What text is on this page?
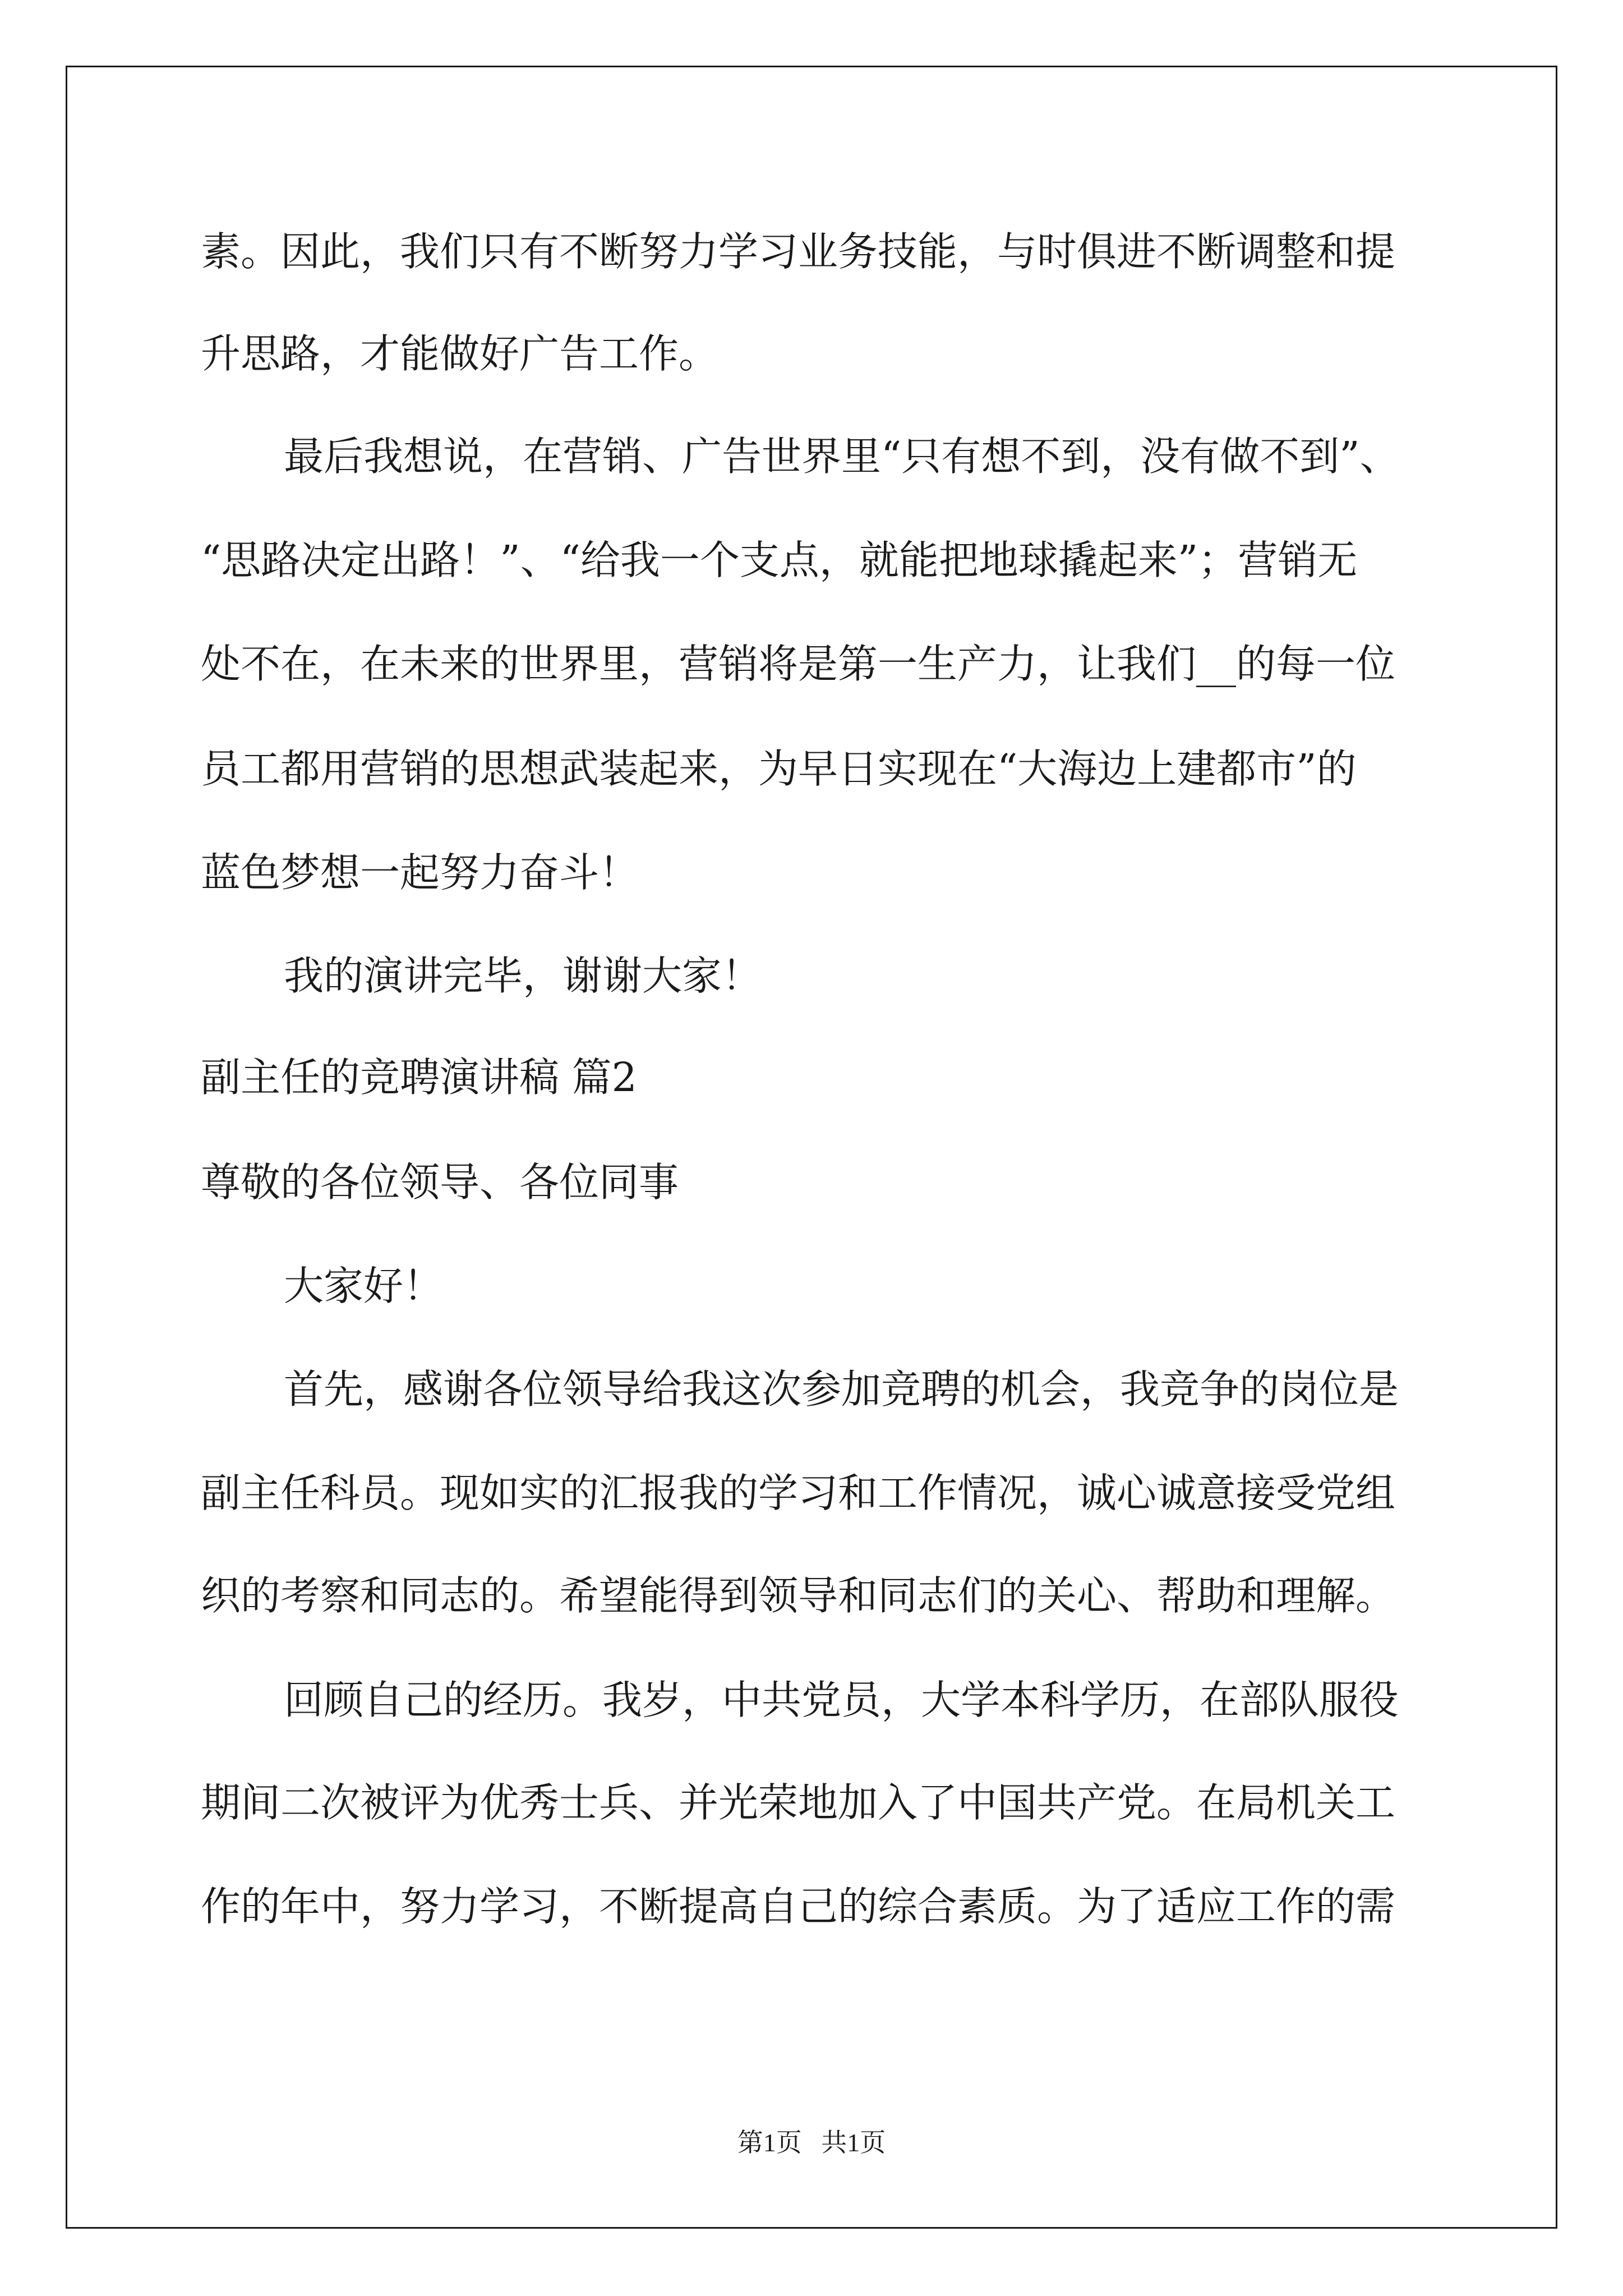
素。因此，我们只有不断努力学习业务技能，与时俱进不断调整和提

升思路，才能做好广告工作。

最后我想说，在营销、广告世界里“只有想不到，没有做不到”、

“思路决定出路！”、“给我一个支点，就能把地球撬起来”；营销无

处不在，在未来的世界里，营销将是第一生产力，让我们__的每一位

员工都用营销的思想武装起来，为早日实现在“大海边上建都市”的

蓝色梦想一起努力奋斗！

我的演讲完毕，谢谢大家！

副主任的竞聘演讲稿 篇2

尊敬的各位领导、各位同事

大家好！

首先，感谢各位领导给我这次参加竞聘的机会，我竞争的岗位是

副主任科员。现如实的汇报我的学习和工作情况，诚心诚意接受党组

织的考察和同志的。希望能得到领导和同志们的关心、帮助和理解。

回顾自己的经历。我岁，中共党员，大学本科学历，在部队服役

期间二次被评为优秀士兵、并光荣地加入了中国共产党。在局机关工

作的年中，努力学习，不断提高自己的综合素质。为了适应工作的需

第1页   共1页
